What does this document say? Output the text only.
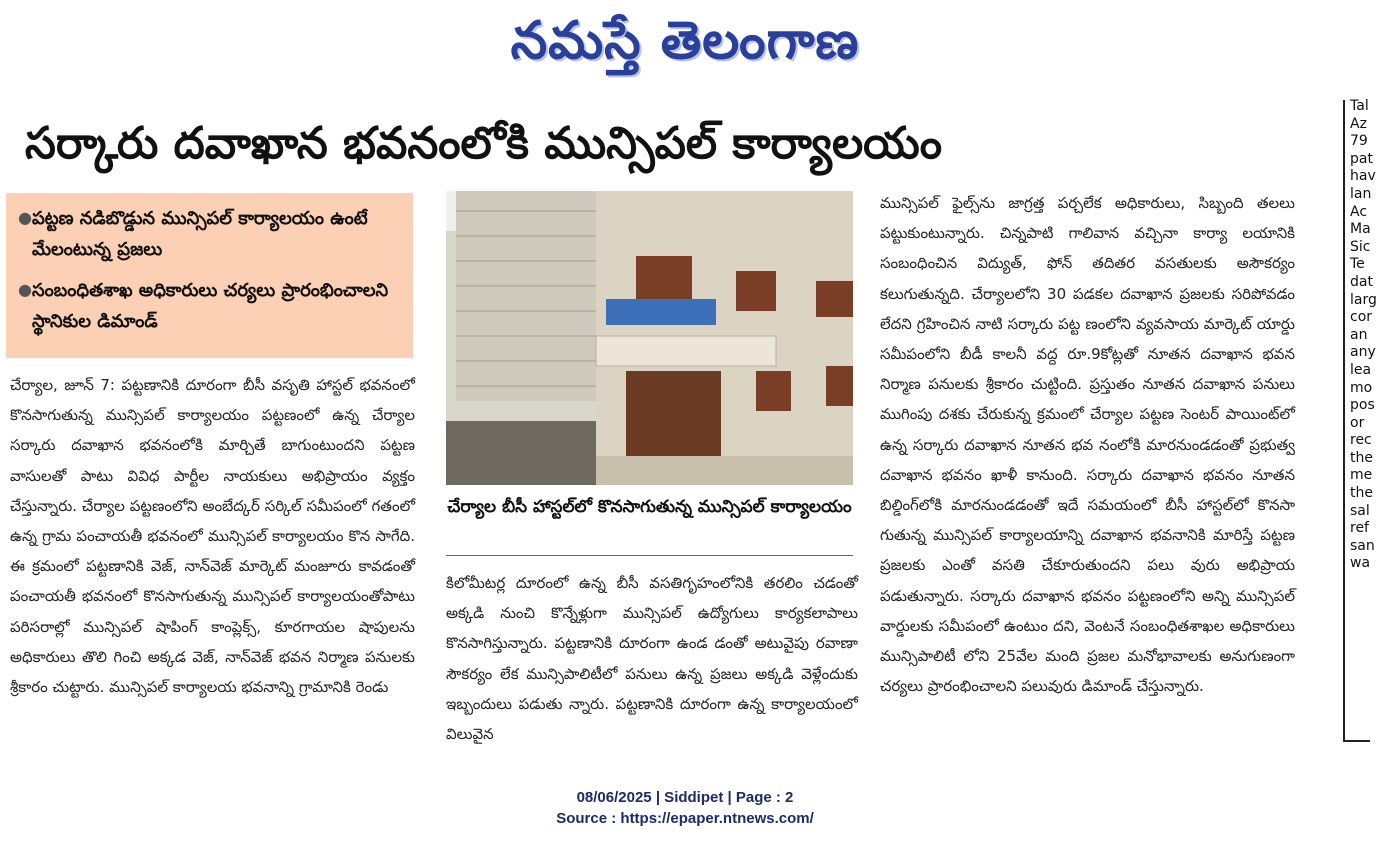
నమస్తే తెలంగాణ
సర్కారు దవాఖాన భవనంలోకి మున్సిపల్ కార్యాలయం
● పట్టణ నడిబొడ్డున మున్సిపల్ కార్యాలయం ఉంటే మేలంటున్న ప్రజలు
● సంబంధితశాఖ అధికారులు చర్యలు ప్రారంభించాలని స్థానికుల డిమాండ్

చేర్యాల, జూన్ 7: పట్టణానికి దూరంగా బీసీ వసృతి హాస్టల్ భవనంలో కొనసాగుతున్న మున్సిపల్ కార్యాలయం పట్టణంలో ఉన్న చేర్యాల సర్కారు దవాఖాన భవనంలోకి మార్చితే బాగుంటుందని పట్టణ వాసులతో పాటు వివిధ పార్టీల నాయకులు అభిప్రాయం వ్యక్తం చేస్తున్నారు. చేర్యాల పట్టణంలోని అంబేద్కర్ సర్కిల్ సమీపంలో గతంలో ఉన్న గ్రామ పంచాయతీ భవనంలో మున్సిపల్ కార్యాలయం కొన సాగేది. ఈ క్రమంలో పట్టణానికి వెజ్, నాన్‌వెజ్ మార్కెట్ మంజూరు కావడంతో పంచాయతీ భవనంలో కొనసాగుతున్న మున్సిపల్ కార్యాలయంతోపాటు పరిసరాల్లో మున్సిపల్ షాపింగ్ కాంప్లెక్స్, కూరగాయల షాపులను అధికారులు తొలి గించి అక్కడ వెజ్, నాన్‌వెజ్ భవన నిర్మాణ పనులకు శ్రీకారం చుట్టారు. మున్సిపల్ కార్యాలయ భవనాన్ని గ్రామానికి రెండు

చేర్యాల బీసీ హాస్టల్‌లో కొనసాగుతున్న మున్సిపల్ కార్యాలయం

కిలోమీటర్ల దూరంలో ఉన్న బీసీ వసతిగృహంలోనికి తరలిం చడంతో అక్కడి నుంచి కొన్నేళ్లుగా మున్సిపల్ ఉద్యోగులు కార్యకలాపాలు కొనసాగిస్తున్నారు. పట్టణానికి దూరంగా ఉండ డంతో అటువైపు రవాణా సౌకర్యం లేక మున్సిపాలిటీలో పనులు ఉన్న ప్రజలు అక్కడి వెళ్లేందుకు ఇబ్బందులు పడుతు న్నారు. పట్టణానికి దూరంగా ఉన్న కార్యాలయంలో విలువైన

మున్సిపల్ ఫైల్స్‌ను జాగ్రత్త పర్చలేక అధికారులు, సిబ్బంది తలలు పట్టుకుంటున్నారు. చిన్నపాటి గాలివాన వచ్చినా కార్యా లయానికి సంబంధించిన విద్యుత్, ఫోన్ తదితర వసతులకు అసౌకర్యం కలుగుతున్నది. చేర్యాలలోని 30 పడకల దవాఖాన ప్రజలకు సరిపోవడం లేదని గ్రహించిన నాటి సర్కారు పట్ట ణంలోని వ్యవసాయ మార్కెట్ యార్డు సమీపంలోని బీడీ కాలనీ వద్ద రూ.9కోట్లతో నూతన దవాఖాన భవన నిర్మాణ పనులకు శ్రీకారం చుట్టింది. ప్రస్తుతం నూతన దవాఖాన పనులు ముగింపు దశకు చేరుకున్న క్రమంలో చేర్యాల పట్టణ సెంటర్ పాయింట్‌లో ఉన్న సర్కారు దవాఖాన నూతన భవ నంలోకి మారనుండడంతో ప్రభుత్వ దవాఖాన భవనం ఖాళీ కానుంది. సర్కారు దవాఖాన భవనం నూతన బిల్డింగ్‌లోకి మారనుండడంతో ఇదే సమయంలో బీసీ హాస్టల్‌లో కొనసా గుతున్న మున్సిపల్ కార్యాలయాన్ని దవాఖాన భవనానికి మారిస్తే పట్టణ ప్రజలకు ఎంతో వసతి చేకూరుతుందని పలు వురు అభిప్రాయ పడుతున్నారు. సర్కారు దవాఖాన భవనం పట్టణంలోని అన్ని మున్సిపల్ వార్డులకు సమీపంలో ఉంటుం దని, వెంటనే సంబంధితశాఖల అధికారులు మున్సిపాలిటీ లోని 25వేల మంది ప్రజల మనోభావాలకు అనుగుణంగా చర్యలు ప్రారంభించాలని పలువురు డిమాండ్ చేస్తున్నారు.

Tal
Az
79
pat
hav
lan
Ac
Ma
Sic
Te
dat
larg
cor
an
any
lea
mo
pos
or
rec
the
me
the
sal
ref
san
wa
08/06/2025 | Siddipet | Page : 2
Source : https://epaper.ntnews.com/
